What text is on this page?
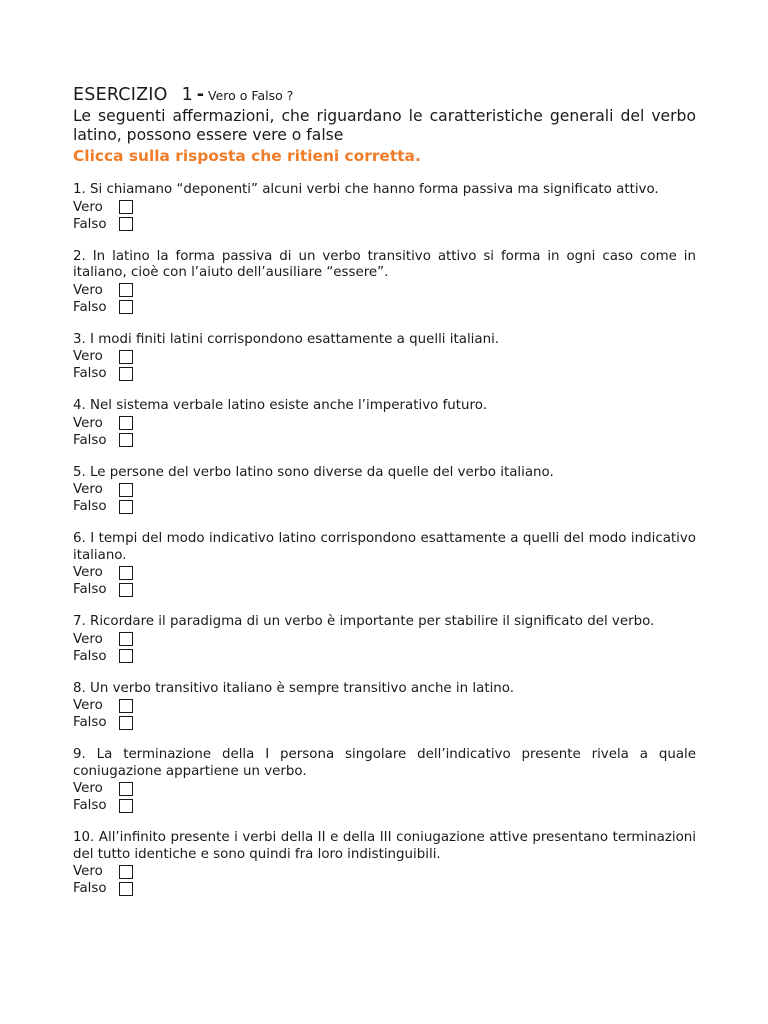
ESERCIZIO 1 - Vero o Falso ?

Le seguenti affermazioni, che riguardano le caratteristiche generali del verbo latino, possono essere vere o false

Clicca sulla risposta che ritieni corretta.

1. Si chiamano “deponenti” alcuni verbi che hanno forma passiva ma significato attivo.

Vero
Falso

2. In latino la forma passiva di un verbo transitivo attivo si forma in ogni caso come in italiano, cioè con l’aiuto dell’ausiliare “essere”.

Vero
Falso

3. I modi finiti latini corrispondono esattamente a quelli italiani.

Vero
Falso

4. Nel sistema verbale latino esiste anche l’imperativo futuro.

Vero
Falso

5. Le persone del verbo latino sono diverse da quelle del verbo italiano.

Vero
Falso

6. I tempi del modo indicativo latino corrispondono esattamente a quelli del modo indicativo italiano.

Vero
Falso

7. Ricordare il paradigma di un verbo è importante per stabilire il significato del verbo.

Vero
Falso

8. Un verbo transitivo italiano è sempre transitivo anche in latino.

Vero
Falso

9. La terminazione della I persona singolare dell’indicativo presente rivela a quale coniugazione appartiene un verbo.

Vero
Falso

10. All’infinito presente i verbi della II e della III coniugazione attive presentano terminazioni del tutto identiche e sono quindi fra loro indistinguibili.

Vero
Falso
